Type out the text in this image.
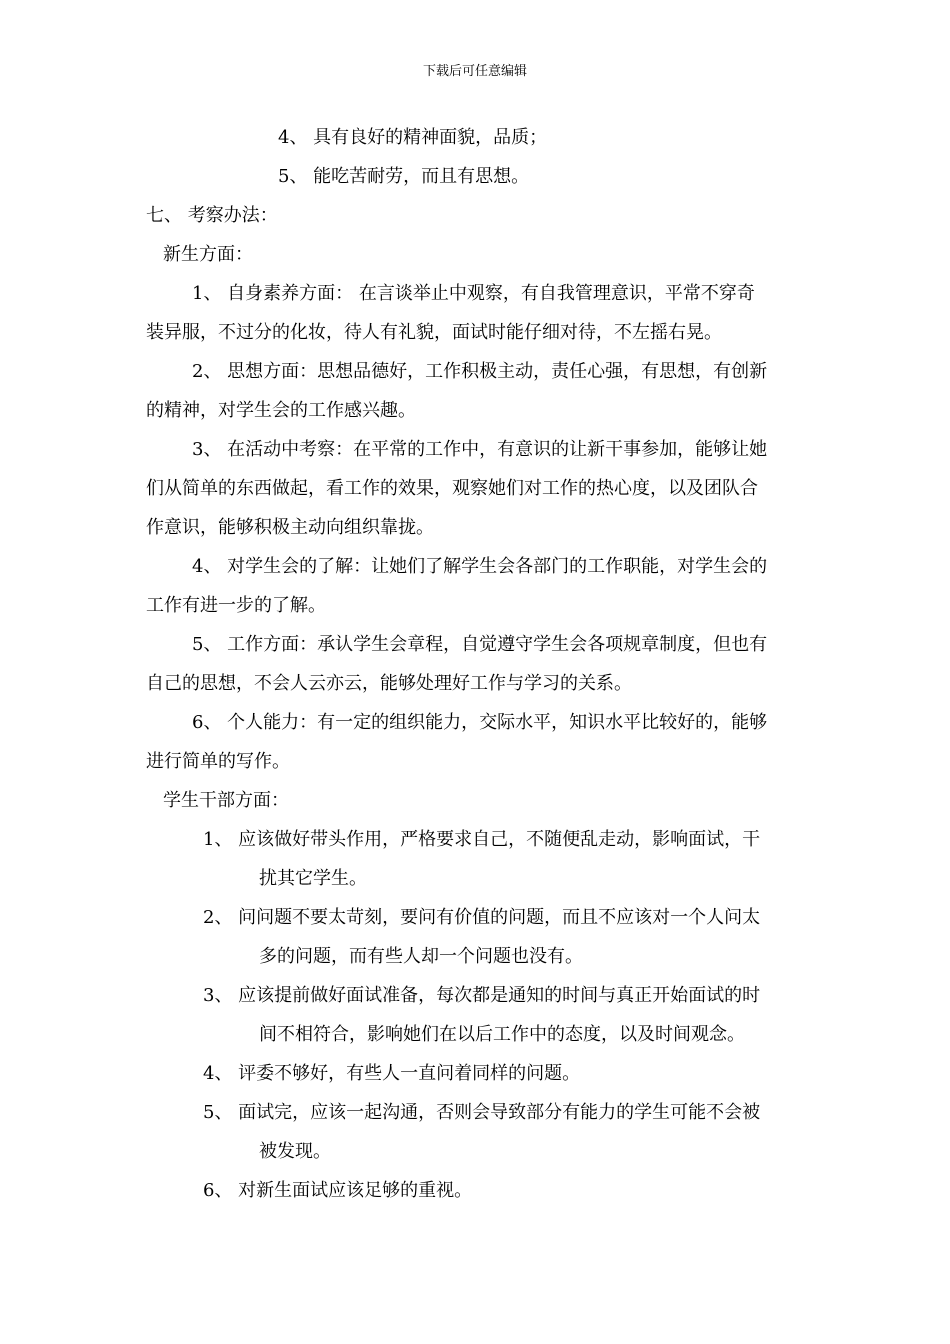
下载后可任意编辑
4、 具有良好的精神面貌，品质；
5、 能吃苦耐劳，而且有思想。
七、 考察办法：
新生方面：
1、 自身素养方面： 在言谈举止中观察，有自我管理意识，平常不穿奇
装异服，不过分的化妆，待人有礼貌，面试时能仔细对待，不左摇右晃。
2、 思想方面：思想品德好，工作积极主动，责任心强，有思想，有创新
的精神，对学生会的工作感兴趣。
3、 在活动中考察：在平常的工作中，有意识的让新干事参加，能够让她
们从简单的东西做起，看工作的效果，观察她们对工作的热心度，以及团队合
作意识，能够积极主动向组织靠拢。
4、 对学生会的了解：让她们了解学生会各部门的工作职能，对学生会的
工作有进一步的了解。
5、 工作方面：承认学生会章程，自觉遵守学生会各项规章制度，但也有
自己的思想，不会人云亦云，能够处理好工作与学习的关系。
6、 个人能力：有一定的组织能力，交际水平，知识水平比较好的，能够
进行简单的写作。
学生干部方面：
1、 应该做好带头作用，严格要求自己，不随便乱走动，影响面试，干
扰其它学生。
2、 问问题不要太苛刻，要问有价值的问题，而且不应该对一个人问太
多的问题，而有些人却一个问题也没有。
3、 应该提前做好面试准备，每次都是通知的时间与真正开始面试的时
间不相符合，影响她们在以后工作中的态度，以及时间观念。
4、 评委不够好，有些人一直问着同样的问题。
5、 面试完，应该一起沟通，否则会导致部分有能力的学生可能不会被
被发现。
6、 对新生面试应该足够的重视。
